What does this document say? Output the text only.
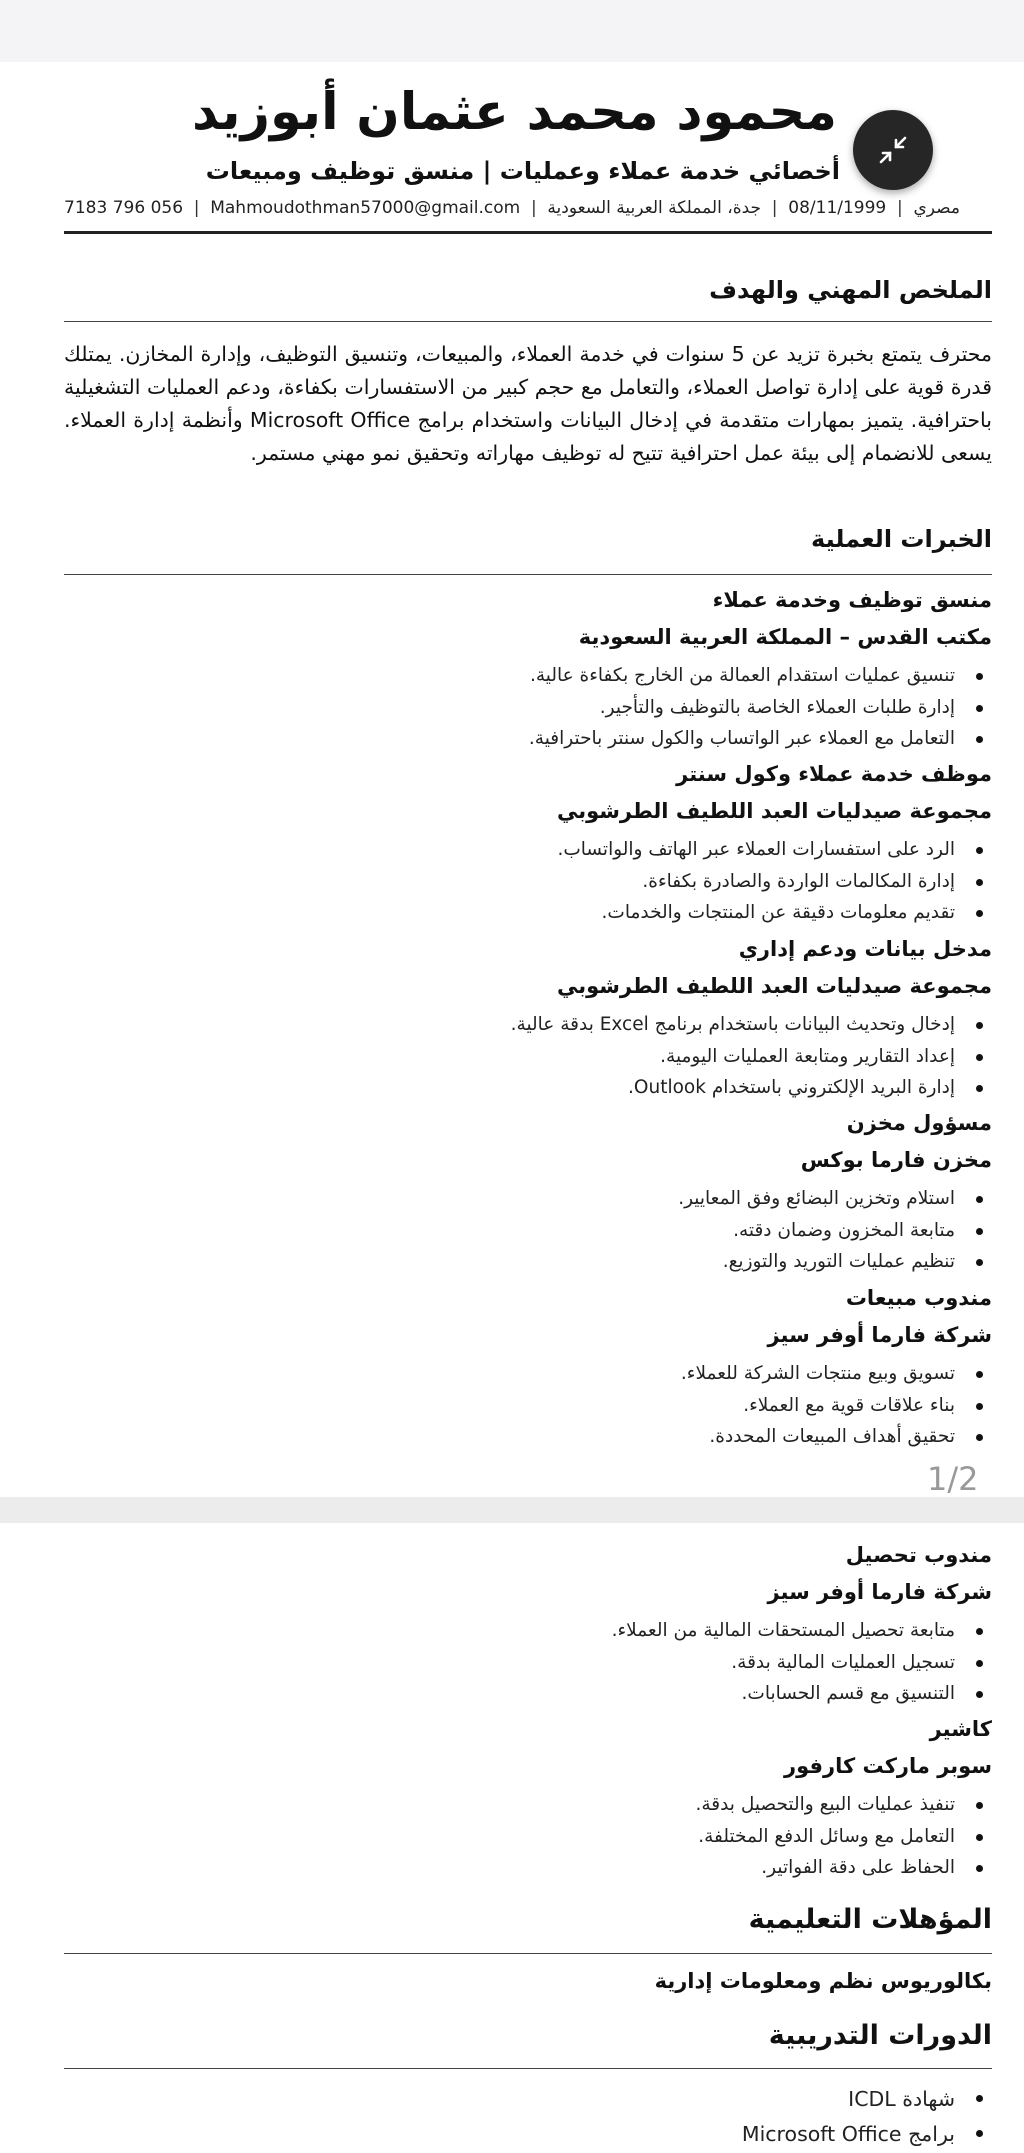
محمود محمد عثمان أبوزيد
أخصائي خدمة عملاء وعمليات | منسق توظيف ومبيعات
مصري
|
08/11/1999
|
جدة، المملكة العربية السعودية
|
Mahmoudothman57000@gmail.com
|
056 796 7183
الملخص المهني والهدف

محترف يتمتع بخبرة تزيد عن 5 سنوات في خدمة العملاء، والمبيعات، وتنسيق التوظيف، وإدارة المخازن. يمتلك قدرة قوية على إدارة تواصل العملاء، والتعامل مع حجم كبير من الاستفسارات بكفاءة، ودعم العمليات التشغيلية باحترافية. يتميز بمهارات متقدمة في إدخال البيانات واستخدام برامج Microsoft Office وأنظمة إدارة العملاء. يسعى للانضمام إلى بيئة عمل احترافية تتيح له توظيف مهاراته وتحقيق نمو مهني مستمر.

الخبرات العملية
منسق توظيف وخدمة عملاء
مكتب القدس – المملكة العربية السعودية
تنسيق عمليات استقدام العمالة من الخارج بكفاءة عالية.
إدارة طلبات العملاء الخاصة بالتوظيف والتأجير.
التعامل مع العملاء عبر الواتساب والكول سنتر باحترافية.
موظف خدمة عملاء وكول سنتر
مجموعة صيدليات العبد اللطيف الطرشوبي
الرد على استفسارات العملاء عبر الهاتف والواتساب.
إدارة المكالمات الواردة والصادرة بكفاءة.
تقديم معلومات دقيقة عن المنتجات والخدمات.
مدخل بيانات ودعم إداري
مجموعة صيدليات العبد اللطيف الطرشوبي
إدخال وتحديث البيانات باستخدام برنامج Excel بدقة عالية.
إعداد التقارير ومتابعة العمليات اليومية.
إدارة البريد الإلكتروني باستخدام Outlook.
مسؤول مخزن
مخزن فارما بوكس
استلام وتخزين البضائع وفق المعايير.
متابعة المخزون وضمان دقته.
تنظيم عمليات التوريد والتوزيع.
مندوب مبيعات
شركة فارما أوفر سيز
تسويق وبيع منتجات الشركة للعملاء.
بناء علاقات قوية مع العملاء.
تحقيق أهداف المبيعات المحددة.
1/2
مندوب تحصيل
شركة فارما أوفر سيز
متابعة تحصيل المستحقات المالية من العملاء.
تسجيل العمليات المالية بدقة.
التنسيق مع قسم الحسابات.
كاشير
سوبر ماركت كارفور
تنفيذ عمليات البيع والتحصيل بدقة.
التعامل مع وسائل الدفع المختلفة.
الحفاظ على دقة الفواتير.
المؤهلات التعليمية
بكالوريوس نظم ومعلومات إدارية
الدورات التدريبية
شهادة ICDL
برامج Microsoft Office
